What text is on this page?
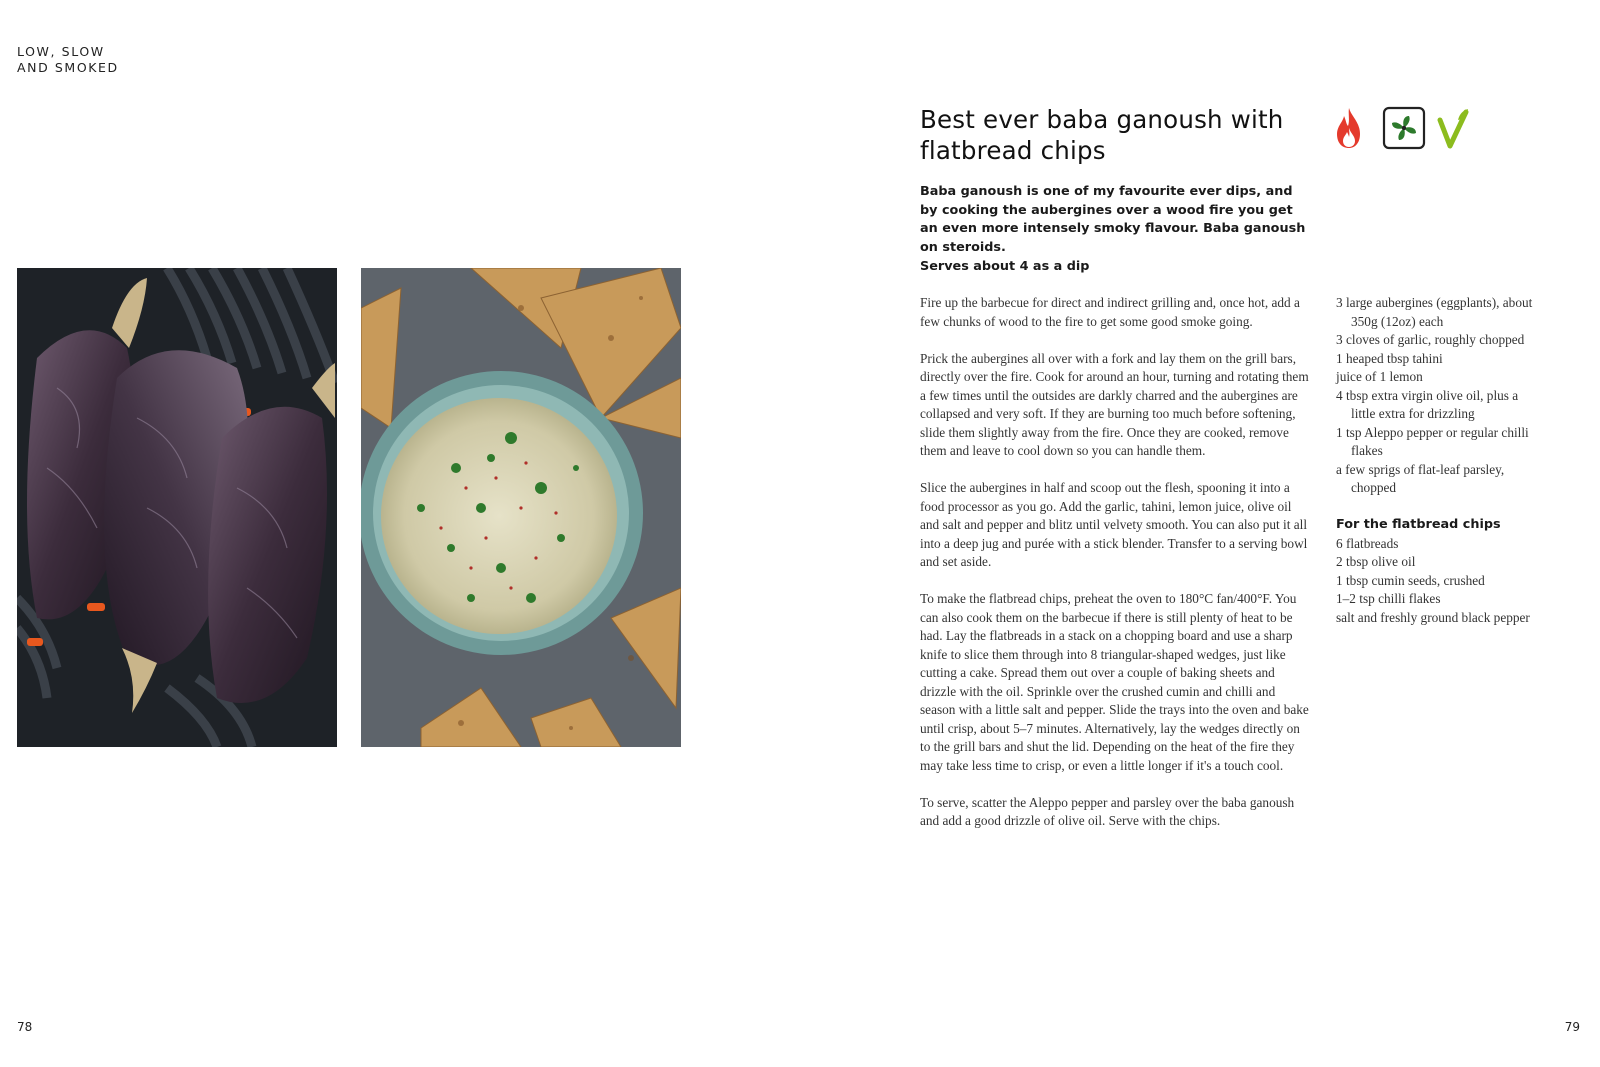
LOW, SLOW
AND SMOKED
Best ever baba ganoush with flatbread chips

Baba ganoush is one of my favourite ever dips, and by cooking the aubergines over a wood fire you get an even more intensely smoky flavour. Baba ganoush on steroids.

Serves about 4 as a dip

Fire up the barbecue for direct and indirect grilling and, once hot, add a few chunks of wood to the fire to get some good smoke going.

Prick the aubergines all over with a fork and lay them on the grill bars, directly over the fire. Cook for around an hour, turning and rotating them a few times until the outsides are darkly charred and the aubergines are collapsed and very soft. If they are burning too much before softening, slide them slightly away from the fire. Once they are cooked, remove them and leave to cool down so you can handle them.

Slice the aubergines in half and scoop out the flesh, spooning it into a food processor as you go. Add the garlic, tahini, lemon juice, olive oil and salt and pepper and blitz until velvety smooth. You can also put it all into a deep jug and purée with a stick blender. Transfer to a serving bowl and set aside.

To make the flatbread chips, preheat the oven to 180°C fan/400°F. You can also cook them on the barbecue if there is still plenty of heat to be had. Lay the flatbreads in a stack on a chopping board and use a sharp knife to slice them through into 8 triangular-shaped wedges, just like cutting a cake. Spread them out over a couple of baking sheets and drizzle with the oil. Sprinkle over the crushed cumin and chilli and season with a little salt and pepper. Slide the trays into the oven and bake until crisp, about 5–7 minutes. Alternatively, lay the wedges directly on to the grill bars and shut the lid. Depending on the heat of the fire they may take less time to crisp, or even a little longer if it's a touch cool.

To serve, scatter the Aleppo pepper and parsley over the baba ganoush and add a good drizzle of olive oil. Serve with the chips.

3 large aubergines (eggplants), about 350g (12oz) each
3 cloves of garlic, roughly chopped
1 heaped tbsp tahini
juice of 1 lemon
4 tbsp extra virgin olive oil, plus a little extra for drizzling
1 tsp Aleppo pepper or regular chilli flakes
a few sprigs of flat-leaf parsley, chopped

For the flatbread chips

6 flatbreads
2 tbsp olive oil
1 tbsp cumin seeds, crushed
1–2 tsp chilli flakes
salt and freshly ground black pepper
78	79
